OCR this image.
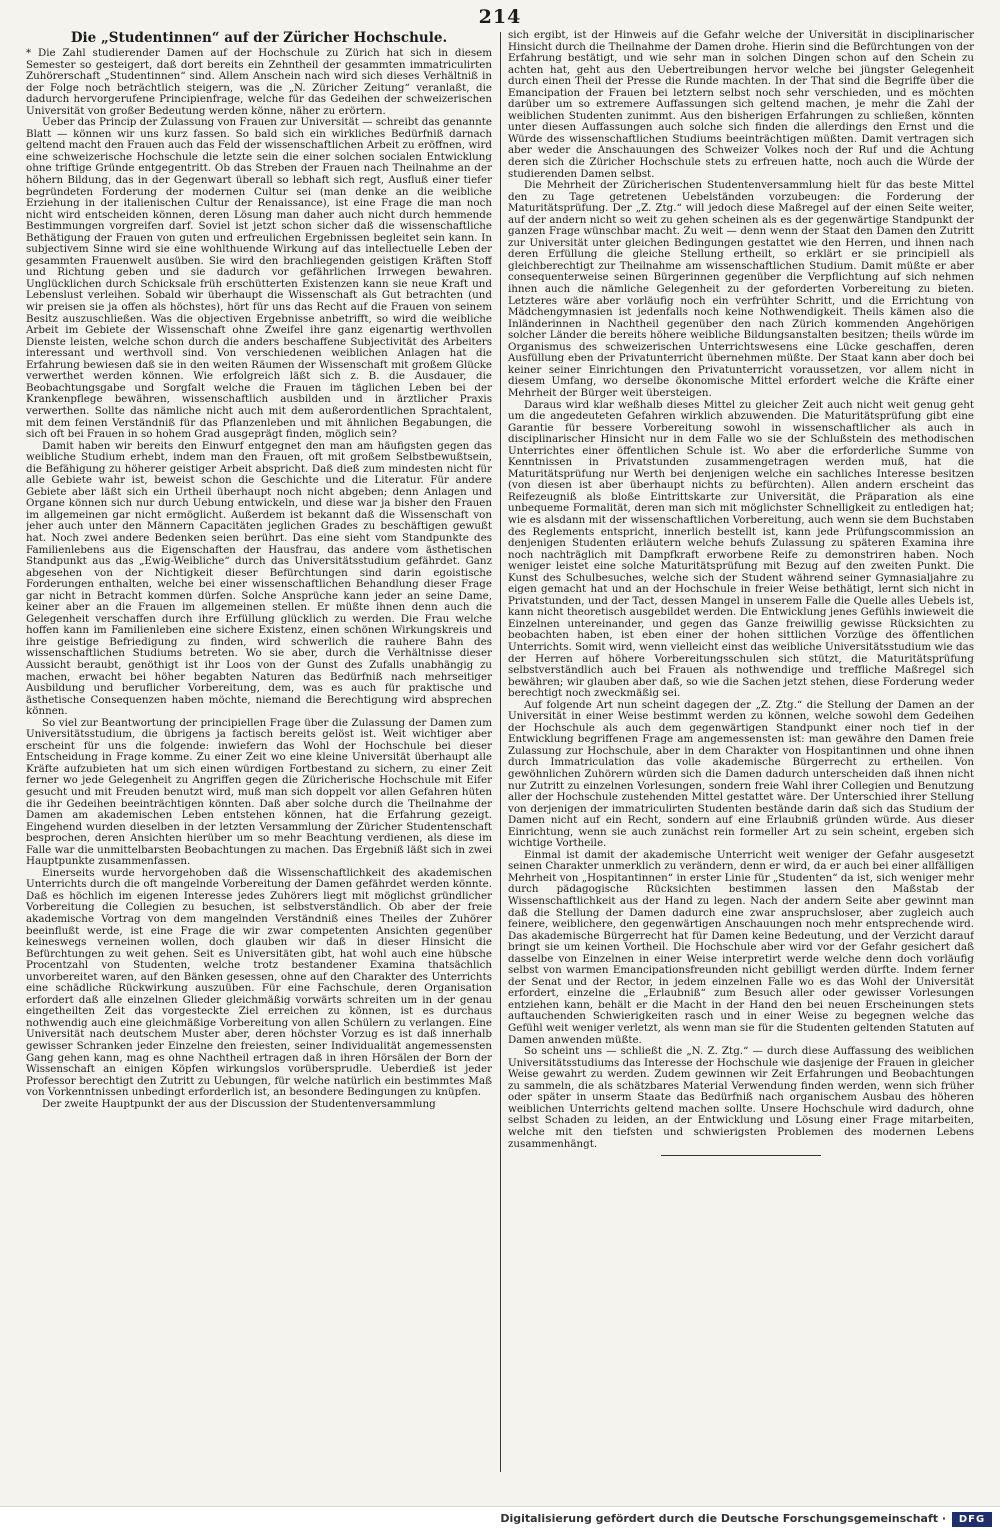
214
Die „Studentinnen“ auf der Züricher Hochschule.

* Die Zahl studierender Damen auf der Hochschule zu Zürich hat sich in diesem Semester so gesteigert, daß dort bereits ein Zehntheil der gesammten immatriculirten Zuhörerschaft „Studentinnen“ sind. Allem Anschein nach wird sich dieses Verhältniß in der Folge noch beträchtlich steigern, was die „N. Züricher Zeitung“ veranlaßt, die dadurch hervorgerufene Principienfrage, welche für das Gedeihen der schweizerischen Universität von großer Bedeutung werden könne, näher zu erörtern.

Ueber das Princip der Zulassung von Frauen zur Universität — schreibt das genannte Blatt — können wir uns kurz fassen. So bald sich ein wirkliches Bedürfniß darnach geltend macht den Frauen auch das Feld der wissenschaftlichen Arbeit zu eröffnen, wird eine schweizerische Hochschule die letzte sein die einer solchen socialen Entwicklung ohne triftige Gründe entgegentritt. Ob das Streben der Frauen nach Theilnahme an der höhern Bildung, das in der Gegenwart überall so lebhaft sich regt, Ausfluß einer tiefer begründeten Forderung der modernen Cultur sei (man denke an die weibliche Erziehung in der italienischen Cultur der Renaissance), ist eine Frage die man noch nicht wird entscheiden können, deren Lösung man daher auch nicht durch hemmende Bestimmungen vorgreifen darf. Soviel ist jetzt schon sicher daß die wissenschaftliche Bethätigung der Frauen von guten und erfreulichen Ergebnissen begleitet sein kann. In subjectivem Sinne wird sie eine wohlthuende Wirkung auf das intellectuelle Leben der gesammten Frauenwelt ausüben. Sie wird den brachliegenden geistigen Kräften Stoff und Richtung geben und sie dadurch vor gefährlichen Irrwegen bewahren. Unglücklichen durch Schicksale früh erschütterten Existenzen kann sie neue Kraft und Lebenslust verleihen. Sobald wir überhaupt die Wissenschaft als Gut betrachten (und wir preisen sie ja offen als höchstes), hört für uns das Recht auf die Frauen von seinem Besitz auszuschließen. Was die objectiven Ergebnisse anbetrifft, so wird die weibliche Arbeit im Gebiete der Wissenschaft ohne Zweifel ihre ganz eigenartig werthvollen Dienste leisten, welche schon durch die anders beschaffene Subjectivität des Arbeiters interessant und werthvoll sind. Von verschiedenen weiblichen Anlagen hat die Erfahrung bewiesen daß sie in den weiten Räumen der Wissenschaft mit großem Glücke verwerthet werden können. Wie erfolgreich läßt sich z. B. die Ausdauer, die Beobachtungsgabe und Sorgfalt welche die Frauen im täglichen Leben bei der Krankenpflege bewähren, wissenschaftlich ausbilden und in ärztlicher Praxis verwerthen. Sollte das nämliche nicht auch mit dem außerordentlichen Sprachtalent, mit dem feinen Verständniß für das Pflanzenleben und mit ähnlichen Begabungen, die sich oft bei Frauen in so hohem Grad ausgeprägt finden, möglich sein?

Damit haben wir bereits den Einwurf entgegnet den man am häufigsten gegen das weibliche Studium erhebt, indem man den Frauen, oft mit großem Selbstbewußtsein, die Befähigung zu höherer geistiger Arbeit abspricht. Daß dieß zum mindesten nicht für alle Gebiete wahr ist, beweist schon die Geschichte und die Literatur. Für andere Gebiete aber läßt sich ein Urtheil überhaupt noch nicht abgeben; denn Anlagen und Organe können sich nur durch Uebung entwickeln, und diese war ja bisher den Frauen im allgemeinen gar nicht ermöglicht. Außerdem ist bekannt daß die Wissenschaft von jeher auch unter den Männern Capacitäten jeglichen Grades zu beschäftigen gewußt hat. Noch zwei andere Bedenken seien berührt. Das eine sieht vom Standpunkte des Familienlebens aus die Eigenschaften der Hausfrau, das andere vom ästhetischen Standpunkt aus das „Ewig-Weibliche“ durch das Universitätsstudium gefährdet. Ganz abgesehen von der Nichtigkeit dieser Befürchtungen sind darin egoistische Forderungen enthalten, welche bei einer wissenschaftlichen Behandlung dieser Frage gar nicht in Betracht kommen dürfen. Solche Ansprüche kann jeder an seine Dame, keiner aber an die Frauen im allgemeinen stellen. Er müßte ihnen denn auch die Gelegenheit verschaffen durch ihre Erfüllung glücklich zu werden. Die Frau welche hoffen kann im Familienleben eine sichere Existenz, einen schönen Wirkungskreis und ihre geistige Befriedigung zu finden, wird schwerlich die rauhere Bahn des wissenschaftlichen Studiums betreten. Wo sie aber, durch die Verhältnisse dieser Aussicht beraubt, genöthigt ist ihr Loos von der Gunst des Zufalls unabhängig zu machen, erwacht bei höher begabten Naturen das Bedürfniß nach mehrseitiger Ausbildung und beruflicher Vorbereitung, dem, was es auch für praktische und ästhetische Consequenzen haben möchte, niemand die Berechtigung wird absprechen können.

So viel zur Beantwortung der principiellen Frage über die Zulassung der Damen zum Universitätsstudium, die übrigens ja factisch bereits gelöst ist. Weit wichtiger aber erscheint für uns die folgende: inwiefern das Wohl der Hochschule bei dieser Entscheidung in Frage komme. Zu einer Zeit wo eine kleine Universität überhaupt alle Kräfte aufzubieten hat um sich einen würdigen Fortbestand zu sichern, zu einer Zeit ferner wo jede Gelegenheit zu Angriffen gegen die Züricherische Hochschule mit Eifer gesucht und mit Freuden benutzt wird, muß man sich doppelt vor allen Gefahren hüten die ihr Gedeihen beeinträchtigen könnten. Daß aber solche durch die Theilnahme der Damen am akademischen Leben entstehen können, hat die Erfahrung gezeigt. Eingehend wurden dieselben in der letzten Versammlung der Züricher Studentenschaft besprochen, deren Ansichten hierüber um so mehr Beachtung verdienen, als diese im Falle war die unmittelbarsten Beobachtungen zu machen. Das Ergebniß läßt sich in zwei Hauptpunkte zusammenfassen.

Einerseits wurde hervorgehoben daß die Wissenschaftlichkeit des akademischen Unterrichts durch die oft mangelnde Vorbereitung der Damen gefährdet werden könnte. Daß es höchlich im eigenen Interesse jedes Zuhörers liegt mit möglichst gründlicher Vorbereitung die Collegien zu besuchen, ist selbstverständlich. Ob aber der freie akademische Vortrag von dem mangelnden Verständniß eines Theiles der Zuhörer beeinflußt werde, ist eine Frage die wir zwar competenten Ansichten gegenüber keineswegs verneinen wollen, doch glauben wir daß in dieser Hinsicht die Befürchtungen zu weit gehen. Seit es Universitäten gibt, hat wohl auch eine hübsche Procentzahl von Studenten, welche trotz bestandener Examina thatsächlich unvorbereitet waren, auf den Bänken gesessen, ohne auf den Charakter des Unterrichts eine schädliche Rückwirkung auszuüben. Für eine Fachschule, deren Organisation erfordert daß alle einzelnen Glieder gleichmäßig vorwärts schreiten um in der genau eingetheilten Zeit das vorgesteckte Ziel erreichen zu können, ist es durchaus nothwendig auch eine gleichmäßige Vorbereitung von allen Schülern zu verlangen. Eine Universität nach deutschem Muster aber, deren höchster Vorzug es ist daß innerhalb gewisser Schranken jeder Einzelne den freiesten, seiner Individualität angemessensten Gang gehen kann, mag es ohne Nachtheil ertragen daß in ihren Hörsälen der Born der Wissenschaft an einigen Köpfen wirkungslos vorübersprudle. Ueberdieß ist jeder Professor berechtigt den Zutritt zu Uebungen, für welche natürlich ein bestimmtes Maß von Vorkenntnissen unbedingt erforderlich ist, an besondere Bedingungen zu knüpfen.

Der zweite Hauptpunkt der aus der Discussion der Studentenversammlung

sich ergibt, ist der Hinweis auf die Gefahr welche der Universität in disciplinarischer Hinsicht durch die Theilnahme der Damen drohe. Hierin sind die Befürchtungen von der Erfahrung bestätigt, und wie sehr man in solchen Dingen schon auf den Schein zu achten hat, geht aus den Uebertreibungen hervor welche bei jüngster Gelegenheit durch einen Theil der Presse die Runde machten. In der That sind die Begriffe über die Emancipation der Frauen bei letztern selbst noch sehr verschieden, und es möchten darüber um so extremere Auffassungen sich geltend machen, je mehr die Zahl der weiblichen Studenten zunimmt. Aus den bisherigen Erfahrungen zu schließen, könnten unter diesen Auffassungen auch solche sich finden die allerdings den Ernst und die Würde des wissenschaftlichen Studiums beeinträchtigen müßten. Damit vertragen sich aber weder die Anschauungen des Schweizer Volkes noch der Ruf und die Achtung deren sich die Züricher Hochschule stets zu erfreuen hatte, noch auch die Würde der studierenden Damen selbst.

Die Mehrheit der Züricherischen Studentenversammlung hielt für das beste Mittel den zu Tage getretenen Uebelständen vorzubeugen: die Forderung der Maturitätsprüfung. Der „Z. Ztg.“ will jedoch diese Maßregel auf der einen Seite weiter, auf der andern nicht so weit zu gehen scheinen als es der gegenwärtige Standpunkt der ganzen Frage wünschbar macht. Zu weit — denn wenn der Staat den Damen den Zutritt zur Universität unter gleichen Bedingungen gestattet wie den Herren, und ihnen nach deren Erfüllung die gleiche Stellung ertheilt, so erklärt er sie principiell als gleichberechtigt zur Theilnahme am wissenschaftlichen Studium. Damit müßte er aber consequenterweise seinen Bürgerinnen gegenüber die Verpflichtung auf sich nehmen ihnen auch die nämliche Gelegenheit zu der geforderten Vorbereitung zu bieten. Letzteres wäre aber vorläufig noch ein verfrühter Schritt, und die Errichtung von Mädchengymnasien ist jedenfalls noch keine Nothwendigkeit. Theils kämen also die Inländerinnen in Nachtheil gegenüber den nach Zürich kommenden Angehörigen solcher Länder die bereits höhere weibliche Bildungsanstalten besitzen; theils würde im Organismus des schweizerischen Unterrichtswesens eine Lücke geschaffen, deren Ausfüllung eben der Privatunterricht übernehmen müßte. Der Staat kann aber doch bei keiner seiner Einrichtungen den Privatunterricht voraussetzen, vor allem nicht in diesem Umfang, wo derselbe ökonomische Mittel erfordert welche die Kräfte einer Mehrheit der Bürger weit übersteigen.

Daraus wird klar weßhalb dieses Mittel zu gleicher Zeit auch nicht weit genug geht um die angedeuteten Gefahren wirklich abzuwenden. Die Maturitätsprüfung gibt eine Garantie für bessere Vorbereitung sowohl in wissenschaftlicher als auch in disciplinarischer Hinsicht nur in dem Falle wo sie der Schlußstein des methodischen Unterrichtes einer öffentlichen Schule ist. Wo aber die erforderliche Summe von Kenntnissen in Privatstunden zusammengetragen werden muß, hat die Maturitätsprüfung nur Werth bei denjenigen welche ein sachliches Interesse besitzen (von diesen ist aber überhaupt nichts zu befürchten). Allen andern erscheint das Reifezeugniß als bloße Eintrittskarte zur Universität, die Präparation als eine unbequeme Formalität, deren man sich mit möglichster Schnelligkeit zu entledigen hat; wie es alsdann mit der wissenschaftlichen Vorbereitung, auch wenn sie dem Buchstaben des Reglements entspricht, innerlich bestellt ist, kann jede Prüfungscommission an denjenigen Studenten erläutern welche behufs Zulassung zu späteren Examina ihre noch nachträglich mit Dampfkraft erworbene Reife zu demonstriren haben. Noch weniger leistet eine solche Maturitätsprüfung mit Bezug auf den zweiten Punkt. Die Kunst des Schulbesuches, welche sich der Student während seiner Gymnasialjahre zu eigen gemacht hat und an der Hochschule in freier Weise bethätigt, lernt sich nicht in Privatstunden, und der Tact, dessen Mangel in unserem Falle die Quelle alles Uebels ist, kann nicht theoretisch ausgebildet werden. Die Entwicklung jenes Gefühls inwieweit die Einzelnen untereinander, und gegen das Ganze freiwillig gewisse Rücksichten zu beobachten haben, ist eben einer der hohen sittlichen Vorzüge des öffentlichen Unterrichts. Somit wird, wenn vielleicht einst das weibliche Universitätsstudium wie das der Herren auf höhere Vorbereitungsschulen sich stützt, die Maturitätsprüfung selbstverständlich auch bei Frauen als nothwendige und treffliche Maßregel sich bewähren; wir glauben aber daß, so wie die Sachen jetzt stehen, diese Forderung weder berechtigt noch zweckmäßig sei.

Auf folgende Art nun scheint dagegen der „Z. Ztg.“ die Stellung der Damen an der Universität in einer Weise bestimmt werden zu können, welche sowohl dem Gedeihen der Hochschule als auch dem gegenwärtigen Standpunkt einer noch tief in der Entwicklung begriffenen Frage am angemessensten ist: man gewähre den Damen freie Zulassung zur Hochschule, aber in dem Charakter von Hospitantinnen und ohne ihnen durch Immatriculation das volle akademische Bürgerrecht zu ertheilen. Von gewöhnlichen Zuhörern würden sich die Damen dadurch unterscheiden daß ihnen nicht nur Zutritt zu einzelnen Vorlesungen, sondern freie Wahl ihrer Collegien und Benutzung aller der Hochschule zustehenden Mittel gestattet wäre. Der Unterschied ihrer Stellung von derjenigen der immatriculirten Studenten bestände darin daß sich das Studium der Damen nicht auf ein Recht, sondern auf eine Erlaubniß gründen würde. Aus dieser Einrichtung, wenn sie auch zunächst rein formeller Art zu sein scheint, ergeben sich wichtige Vortheile.

Einmal ist damit der akademische Unterricht weit weniger der Gefahr ausgesetzt seinen Charakter unmerklich zu verändern, denn er wird, da er auch bei einer allfälligen Mehrheit von „Hospitantinnen“ in erster Linie für „Studenten“ da ist, sich weniger mehr durch pädagogische Rücksichten bestimmen lassen den Maßstab der Wissenschaftlichkeit aus der Hand zu legen. Nach der andern Seite aber gewinnt man daß die Stellung der Damen dadurch eine zwar anspruchsloser, aber zugleich auch feinere, weiblichere, den gegenwärtigen Anschauungen noch mehr entsprechende wird. Das akademische Bürgerrecht hat für Damen keine Bedeutung, und der Verzicht darauf bringt sie um keinen Vortheil. Die Hochschule aber wird vor der Gefahr gesichert daß dasselbe von Einzelnen in einer Weise interpretirt werde welche denn doch vorläufig selbst von warmen Emancipationsfreunden nicht gebilligt werden dürfte. Indem ferner der Senat und der Rector, in jedem einzelnen Falle wo es das Wohl der Universität erfordert, einzelne die „Erlaubniß“ zum Besuch aller oder gewisser Vorlesungen entziehen kann, behält er die Macht in der Hand den bei neuen Erscheinungen stets auftauchenden Schwierigkeiten rasch und in einer Weise zu begegnen welche das Gefühl weit weniger verletzt, als wenn man sie für die Studenten geltenden Statuten auf Damen anwenden müßte.

So scheint uns — schließt die „N. Z. Ztg.“ — durch diese Auffassung des weiblichen Universitätsstudiums das Interesse der Hochschule wie dasjenige der Frauen in gleicher Weise gewahrt zu werden. Zudem gewinnen wir Zeit Erfahrungen und Beobachtungen zu sammeln, die als schätzbares Material Verwendung finden werden, wenn sich früher oder später in unserm Staate das Bedürfniß nach organischem Ausbau des höheren weiblichen Unterrichts geltend machen sollte. Unsere Hochschule wird dadurch, ohne selbst Schaden zu leiden, an der Entwicklung und Lösung einer Frage mitarbeiten, welche mit den tiefsten und schwierigsten Problemen des modernen Lebens zusammenhängt.

Digitalisierung gefördert durch die Deutsche Forschungsgemeinschaft ·	DFG
